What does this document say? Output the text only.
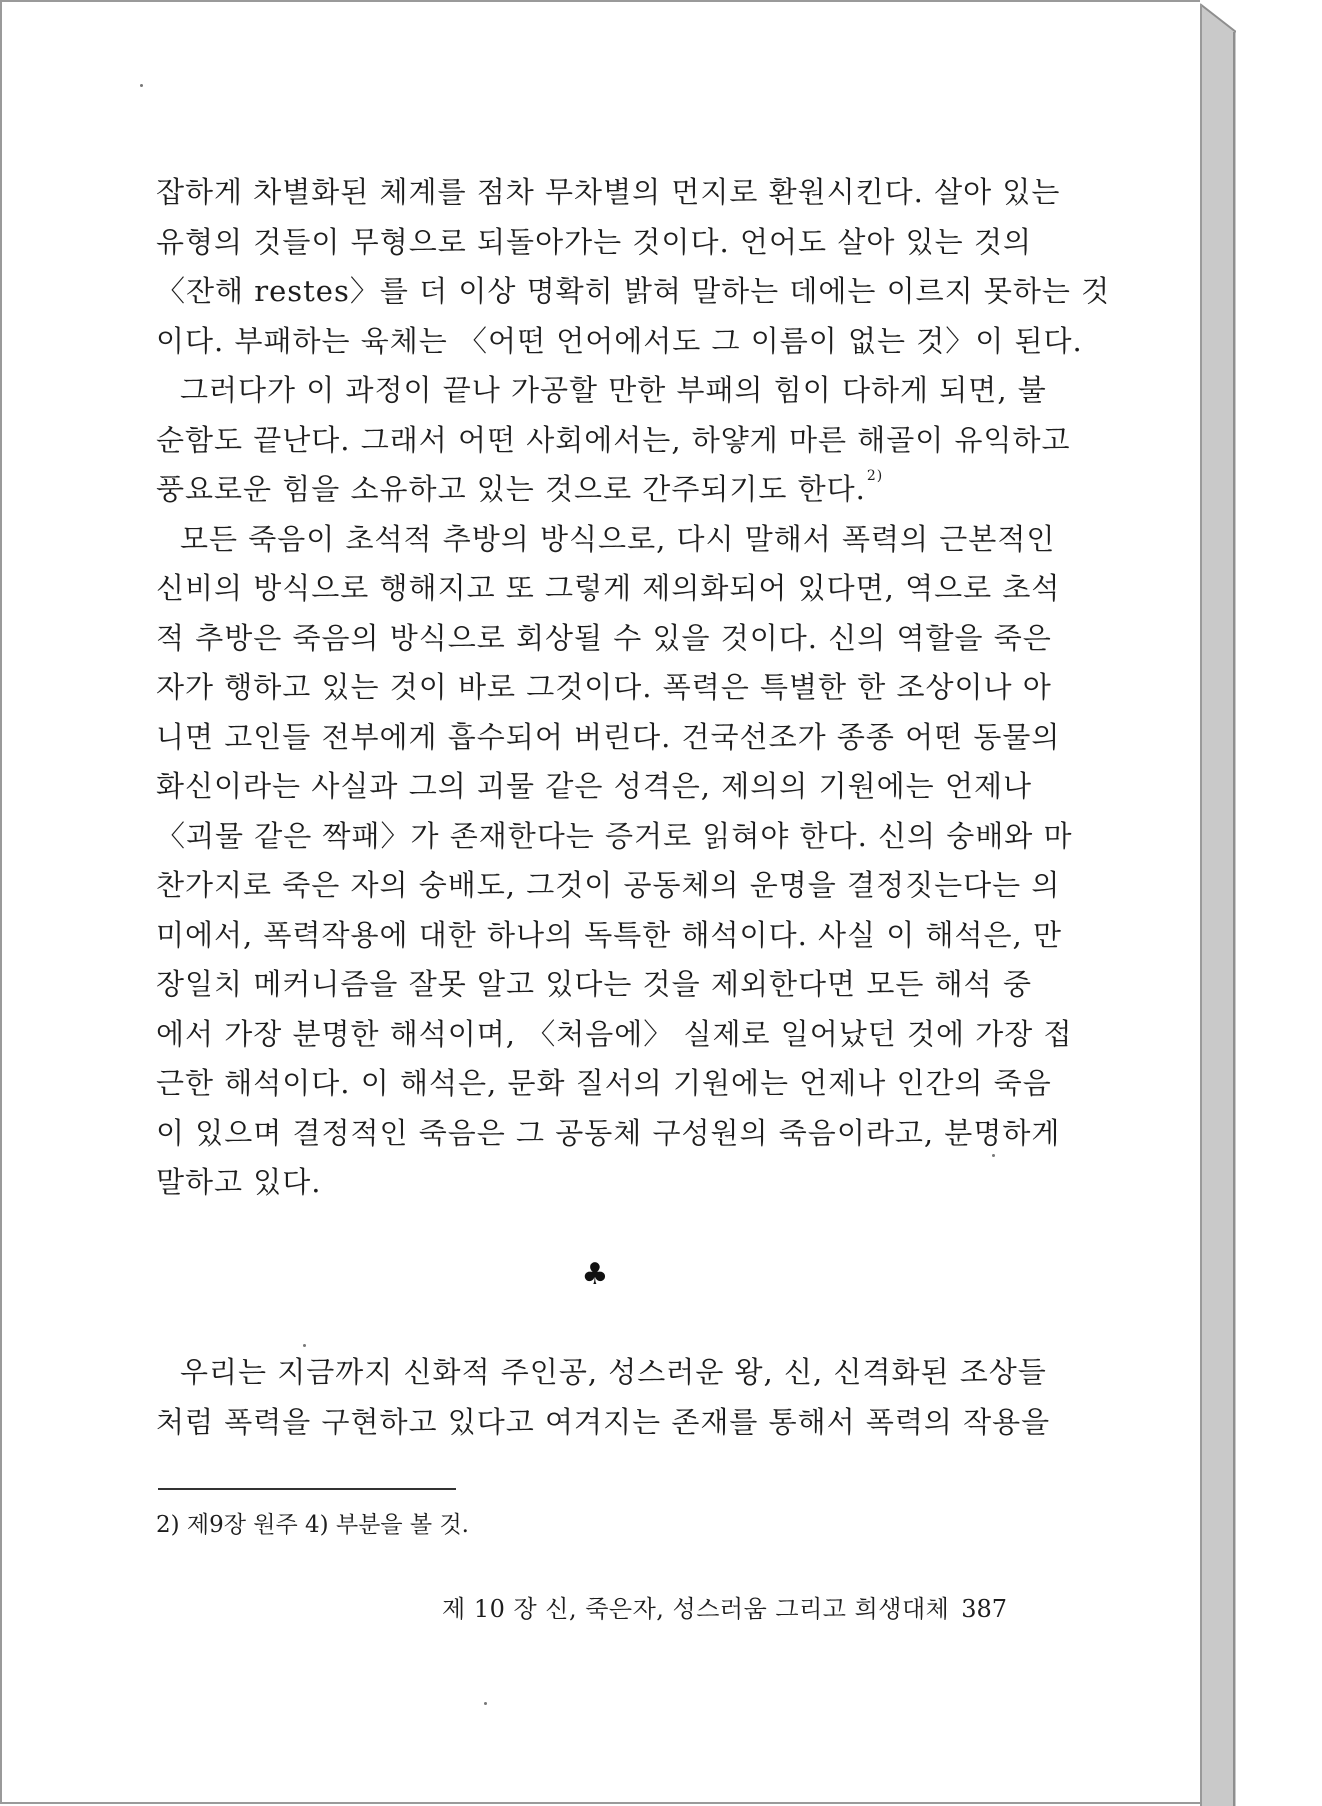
잡하게 차별화된 체계를 점차 무차별의 먼지로 환원시킨다. 살아 있는
유형의 것들이 무형으로 되돌아가는 것이다. 언어도 살아 있는 것의
〈잔해 restes〉를 더 이상 명확히 밝혀 말하는 데에는 이르지 못하는 것
이다. 부패하는 육체는 〈어떤 언어에서도 그 이름이 없는 것〉이 된다.
그러다가 이 과정이 끝나 가공할 만한 부패의 힘이 다하게 되면, 불
순함도 끝난다. 그래서 어떤 사회에서는, 하얗게 마른 해골이 유익하고
풍요로운 힘을 소유하고 있는 것으로 간주되기도 한다.$^{2)}$
모든 죽음이 초석적 추방의 방식으로, 다시 말해서 폭력의 근본적인
신비의 방식으로 행해지고 또 그렇게 제의화되어 있다면, 역으로 초석
적 추방은 죽음의 방식으로 회상될 수 있을 것이다. 신의 역할을 죽은
자가 행하고 있는 것이 바로 그것이다. 폭력은 특별한 한 조상이나 아
니면 고인들 전부에게 흡수되어 버린다. 건국선조가 종종 어떤 동물의
화신이라는 사실과 그의 괴물 같은 성격은, 제의의 기원에는 언제나
〈괴물 같은 짝패〉가 존재한다는 증거로 읽혀야 한다. 신의 숭배와 마
찬가지로 죽은 자의 숭배도, 그것이 공동체의 운명을 결정짓는다는 의
미에서, 폭력작용에 대한 하나의 독특한 해석이다. 사실 이 해석은, 만
장일치 메커니즘을 잘못 알고 있다는 것을 제외한다면 모든 해석 중
에서 가장 분명한 해석이며, 〈처음에〉 실제로 일어났던 것에 가장 접
근한 해석이다. 이 해석은, 문화 질서의 기원에는 언제나 인간의 죽음
이 있으며 결정적인 죽음은 그 공동체 구성원의 죽음이라고, 분명하게
말하고 있다.
♣
우리는 지금까지 신화적 주인공, 성스러운 왕, 신, 신격화된 조상들
처럼 폭력을 구현하고 있다고 여겨지는 존재를 통해서 폭력의 작용을
2) 제9장 원주 4) 부분을 볼 것.
제 10 장 신, 죽은자, 성스러움 그리고 희생대체 387
